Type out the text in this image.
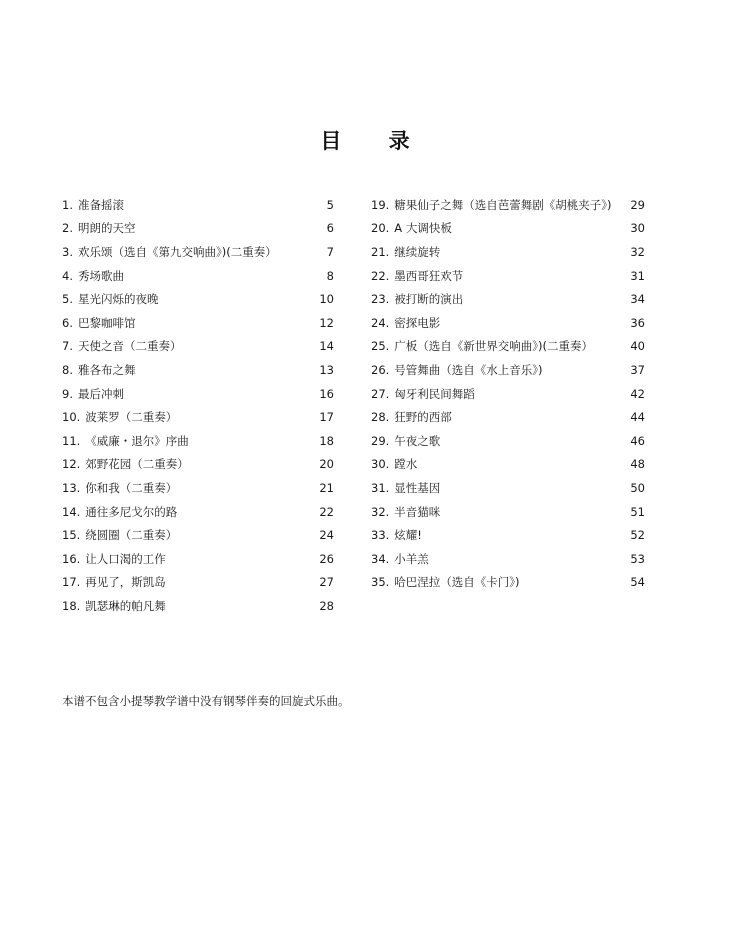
目 录
1. 准备摇滚	5
2. 明朗的天空	6
3. 欢乐颂（选自《第九交响曲》)(二重奏）	7
4. 秀场歌曲	8
5. 星光闪烁的夜晚	10
6. 巴黎咖啡馆	12
7. 天使之音（二重奏）	14
8. 雅各布之舞	13
9. 最后冲刺	16
10. 波莱罗（二重奏）	17
11. 《威廉・退尔》序曲	18
12. 郊野花园（二重奏）	20
13. 你和我（二重奏）	21
14. 通往多尼戈尔的路	22
15. 绕圆圈（二重奏）	24
16. 让人口渴的工作	26
17. 再见了，斯凯岛	27
18. 凯瑟琳的帕凡舞	28
19. 糖果仙子之舞（选自芭蕾舞剧《胡桃夹子》)	29
20. A 大调快板	30
21. 继续旋转	32
22. 墨西哥狂欢节	31
23. 被打断的演出	34
24. 密探电影	36
25. 广板（选自《新世界交响曲》)(二重奏）	40
26. 号管舞曲（选自《水上音乐》)	37
27. 匈牙利民间舞蹈	42
28. 狂野的西部	44
29. 午夜之歌	46
30. 蹚水	48
31. 显性基因	50
32. 半音猫咪	51
33. 炫耀!	52
34. 小羊羔	53
35. 哈巴涅拉（选自《卡门》)	54

本谱不包含小提琴教学谱中没有钢琴伴奏的回旋式乐曲。
